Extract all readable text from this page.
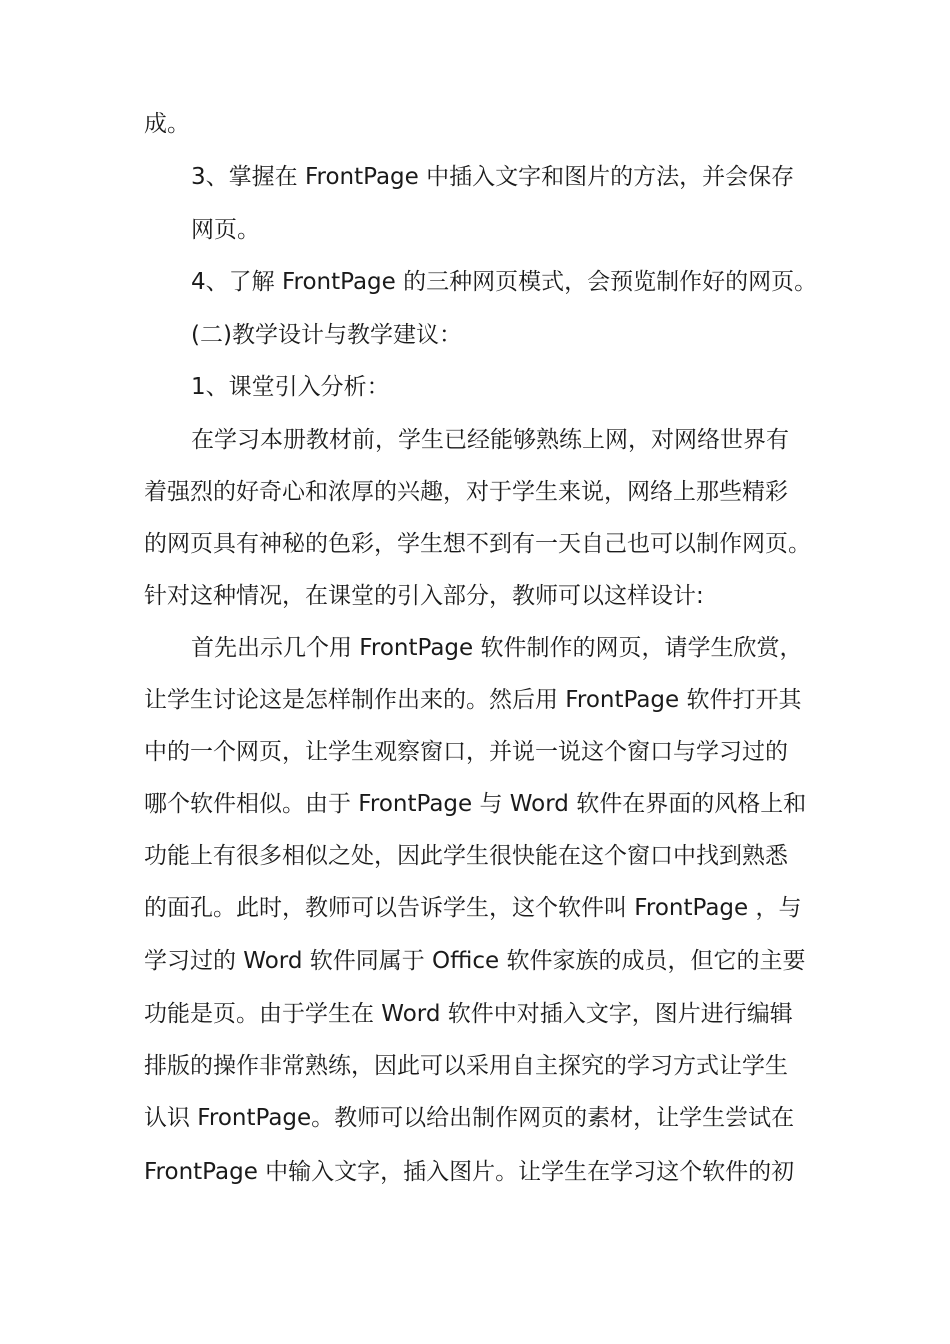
成。
3、掌握在 FrontPage 中插入文字和图片的方法，并会保存
网页。
4、了解 FrontPage 的三种网页模式，会预览制作好的网页。
(二)教学设计与教学建议：
1、课堂引入分析：
在学习本册教材前，学生已经能够熟练上网，对网络世界有
着强烈的好奇心和浓厚的兴趣，对于学生来说，网络上那些精彩
的网页具有神秘的色彩，学生想不到有一天自己也可以制作网页。
针对这种情况，在课堂的引入部分，教师可以这样设计:
首先出示几个用 FrontPage 软件制作的网页，请学生欣赏，
让学生讨论这是怎样制作出来的。然后用 FrontPage 软件打开其
中的一个网页，让学生观察窗口，并说一说这个窗口与学习过的
哪个软件相似。由于 FrontPage 与 Word 软件在界面的风格上和
功能上有很多相似之处，因此学生很快能在这个窗口中找到熟悉
的面孔。此时，教师可以告诉学生，这个软件叫 FrontPage ，与
学习过的 Word 软件同属于 Office 软件家族的成员，但它的主要
功能是页。由于学生在 Word 软件中对插入文字，图片进行编辑
排版的操作非常熟练，因此可以采用自主探究的学习方式让学生
认识 FrontPage。教师可以给出制作网页的素材，让学生尝试在
FrontPage 中输入文字，插入图片。让学生在学习这个软件的初
